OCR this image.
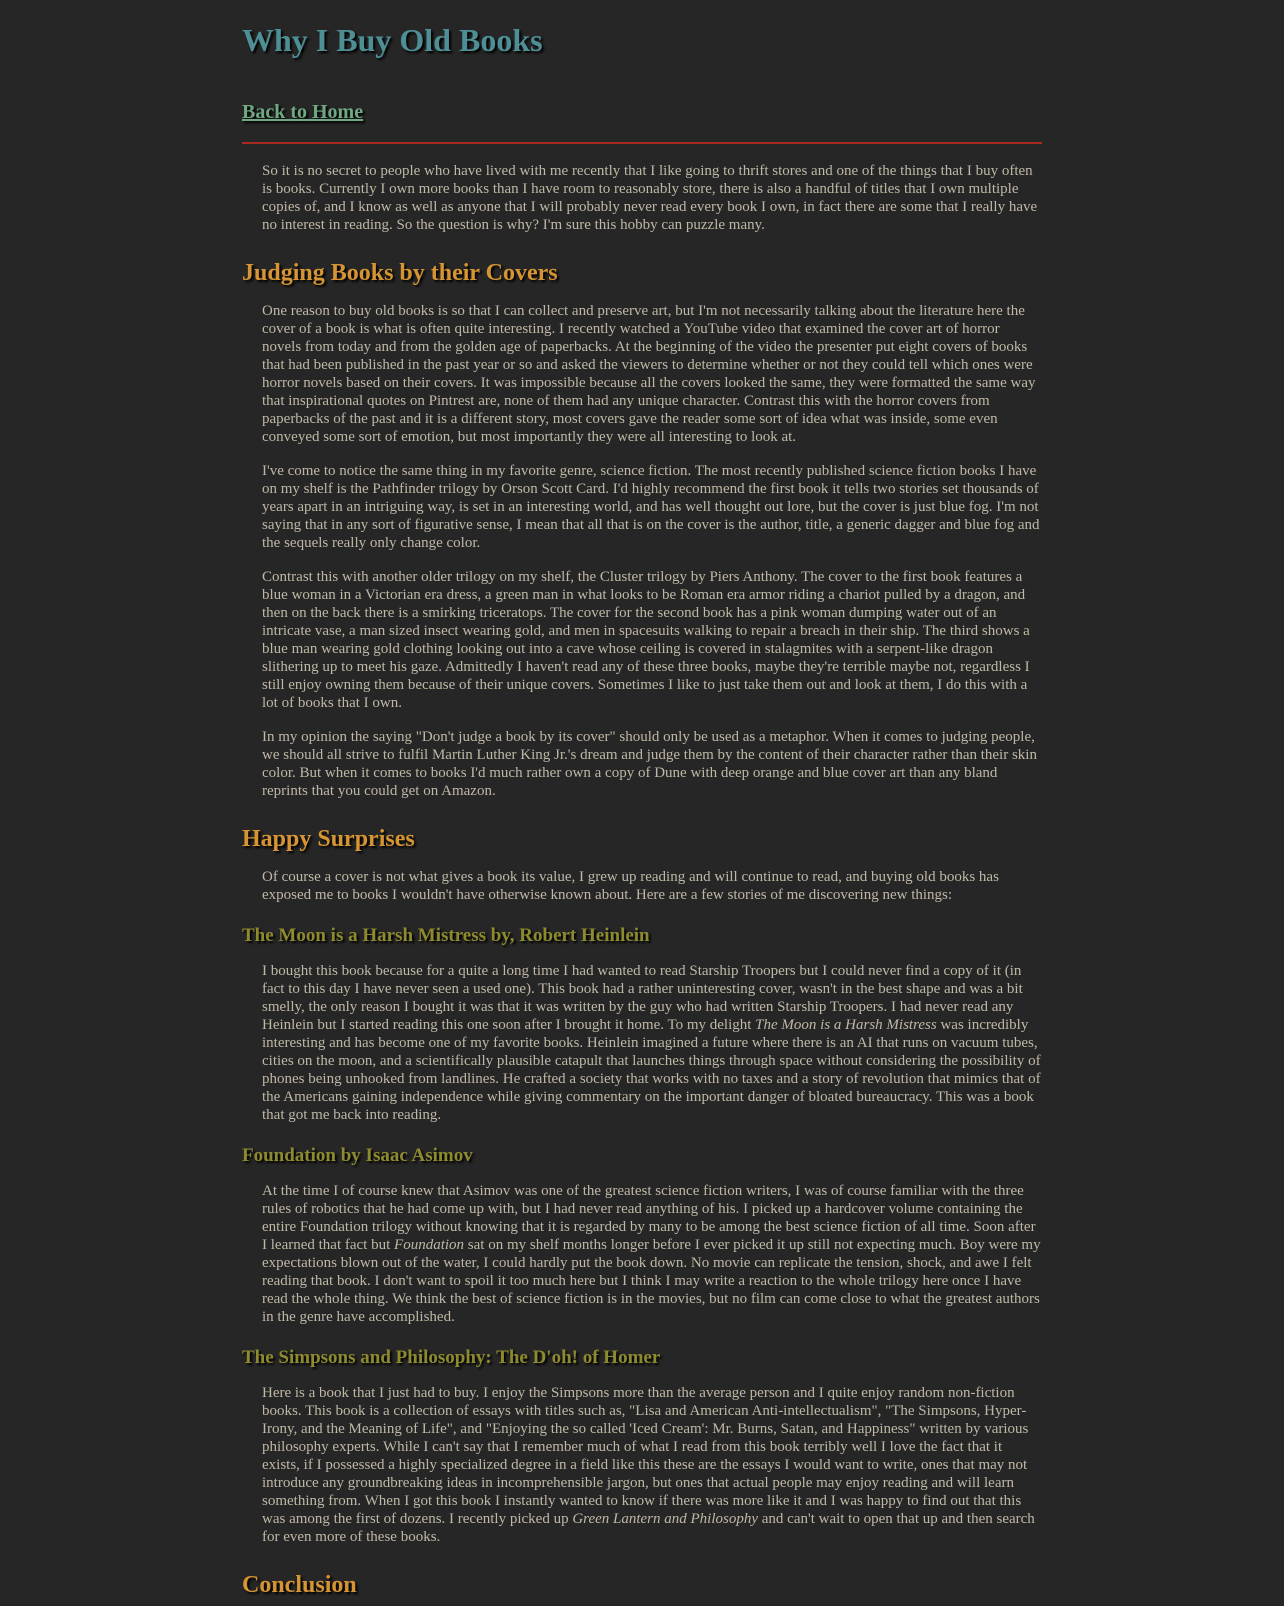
Why I Buy Old Books
Back to Home

So it is no secret to people who have lived with me recently that I like going to thrift stores and one of the things that I buy often is books. Currently I own more books than I have room to reasonably store, there is also a handful of titles that I own multiple copies of, and I know as well as anyone that I will probably never read every book I own, in fact there are some that I really have no interest in reading. So the question is why? I'm sure this hobby can puzzle many.

Judging Books by their Covers

One reason to buy old books is so that I can collect and preserve art, but I'm not necessarily talking about the literature here the cover of a book is what is often quite interesting. I recently watched a YouTube video that examined the cover art of horror novels from today and from the golden age of paperbacks. At the beginning of the video the presenter put eight covers of books that had been published in the past year or so and asked the viewers to determine whether or not they could tell which ones were horror novels based on their covers. It was impossible because all the covers looked the same, they were formatted the same way that inspirational quotes on Pintrest are, none of them had any unique character. Contrast this with the horror covers from paperbacks of the past and it is a different story, most covers gave the reader some sort of idea what was inside, some even conveyed some sort of emotion, but most importantly they were all interesting to look at.

I've come to notice the same thing in my favorite genre, science fiction. The most recently published science fiction books I have on my shelf is the Pathfinder trilogy by Orson Scott Card. I'd highly recommend the first book it tells two stories set thousands of years apart in an intriguing way, is set in an interesting world, and has well thought out lore, but the cover is just blue fog. I'm not saying that in any sort of figurative sense, I mean that all that is on the cover is the author, title, a generic dagger and blue fog and the sequels really only change color.

Contrast this with another older trilogy on my shelf, the Cluster trilogy by Piers Anthony. The cover to the first book features a blue woman in a Victorian era dress, a green man in what looks to be Roman era armor riding a chariot pulled by a dragon, and then on the back there is a smirking triceratops. The cover for the second book has a pink woman dumping water out of an intricate vase, a man sized insect wearing gold, and men in spacesuits walking to repair a breach in their ship. The third shows a blue man wearing gold clothing looking out into a cave whose ceiling is covered in stalagmites with a serpent-like dragon slithering up to meet his gaze. Admittedly I haven't read any of these three books, maybe they're terrible maybe not, regardless I still enjoy owning them because of their unique covers. Sometimes I like to just take them out and look at them, I do this with a lot of books that I own.

In my opinion the saying "Don't judge a book by its cover" should only be used as a metaphor. When it comes to judging people, we should all strive to fulfil Martin Luther King Jr.'s dream and judge them by the content of their character rather than their skin color. But when it comes to books I'd much rather own a copy of Dune with deep orange and blue cover art than any bland reprints that you could get on Amazon.

Happy Surprises

Of course a cover is not what gives a book its value, I grew up reading and will continue to read, and buying old books has exposed me to books I wouldn't have otherwise known about. Here are a few stories of me discovering new things:

The Moon is a Harsh Mistress by, Robert Heinlein

I bought this book because for a quite a long time I had wanted to read Starship Troopers but I could never find a copy of it (in fact to this day I have never seen a used one). This book had a rather uninteresting cover, wasn't in the best shape and was a bit smelly, the only reason I bought it was that it was written by the guy who had written Starship Troopers. I had never read any Heinlein but I started reading this one soon after I brought it home. To my delight The Moon is a Harsh Mistress was incredibly interesting and has become one of my favorite books. Heinlein imagined a future where there is an AI that runs on vacuum tubes, cities on the moon, and a scientifically plausible catapult that launches things through space without considering the possibility of phones being unhooked from landlines. He crafted a society that works with no taxes and a story of revolution that mimics that of the Americans gaining independence while giving commentary on the important danger of bloated bureaucracy. This was a book that got me back into reading.

Foundation by Isaac Asimov

At the time I of course knew that Asimov was one of the greatest science fiction writers, I was of course familiar with the three rules of robotics that he had come up with, but I had never read anything of his. I picked up a hardcover volume containing the entire Foundation trilogy without knowing that it is regarded by many to be among the best science fiction of all time. Soon after I learned that fact but Foundation sat on my shelf months longer before I ever picked it up still not expecting much. Boy were my expectations blown out of the water, I could hardly put the book down. No movie can replicate the tension, shock, and awe I felt reading that book. I don't want to spoil it too much here but I think I may write a reaction to the whole trilogy here once I have read the whole thing. We think the best of science fiction is in the movies, but no film can come close to what the greatest authors in the genre have accomplished.

The Simpsons and Philosophy: The D'oh! of Homer

Here is a book that I just had to buy. I enjoy the Simpsons more than the average person and I quite enjoy random non-fiction books. This book is a collection of essays with titles such as, "Lisa and American Anti-intellectualism", "The Simpsons, Hyper-Irony, and the Meaning of Life", and "Enjoying the so called 'Iced Cream': Mr. Burns, Satan, and Happiness" written by various philosophy experts. While I can't say that I remember much of what I read from this book terribly well I love the fact that it exists, if I possessed a highly specialized degree in a field like this these are the essays I would want to write, ones that may not introduce any groundbreaking ideas in incomprehensible jargon, but ones that actual people may enjoy reading and will learn something from. When I got this book I instantly wanted to know if there was more like it and I was happy to find out that this was among the first of dozens. I recently picked up Green Lantern and Philosophy and can't wait to open that up and then search for even more of these books.

Conclusion
